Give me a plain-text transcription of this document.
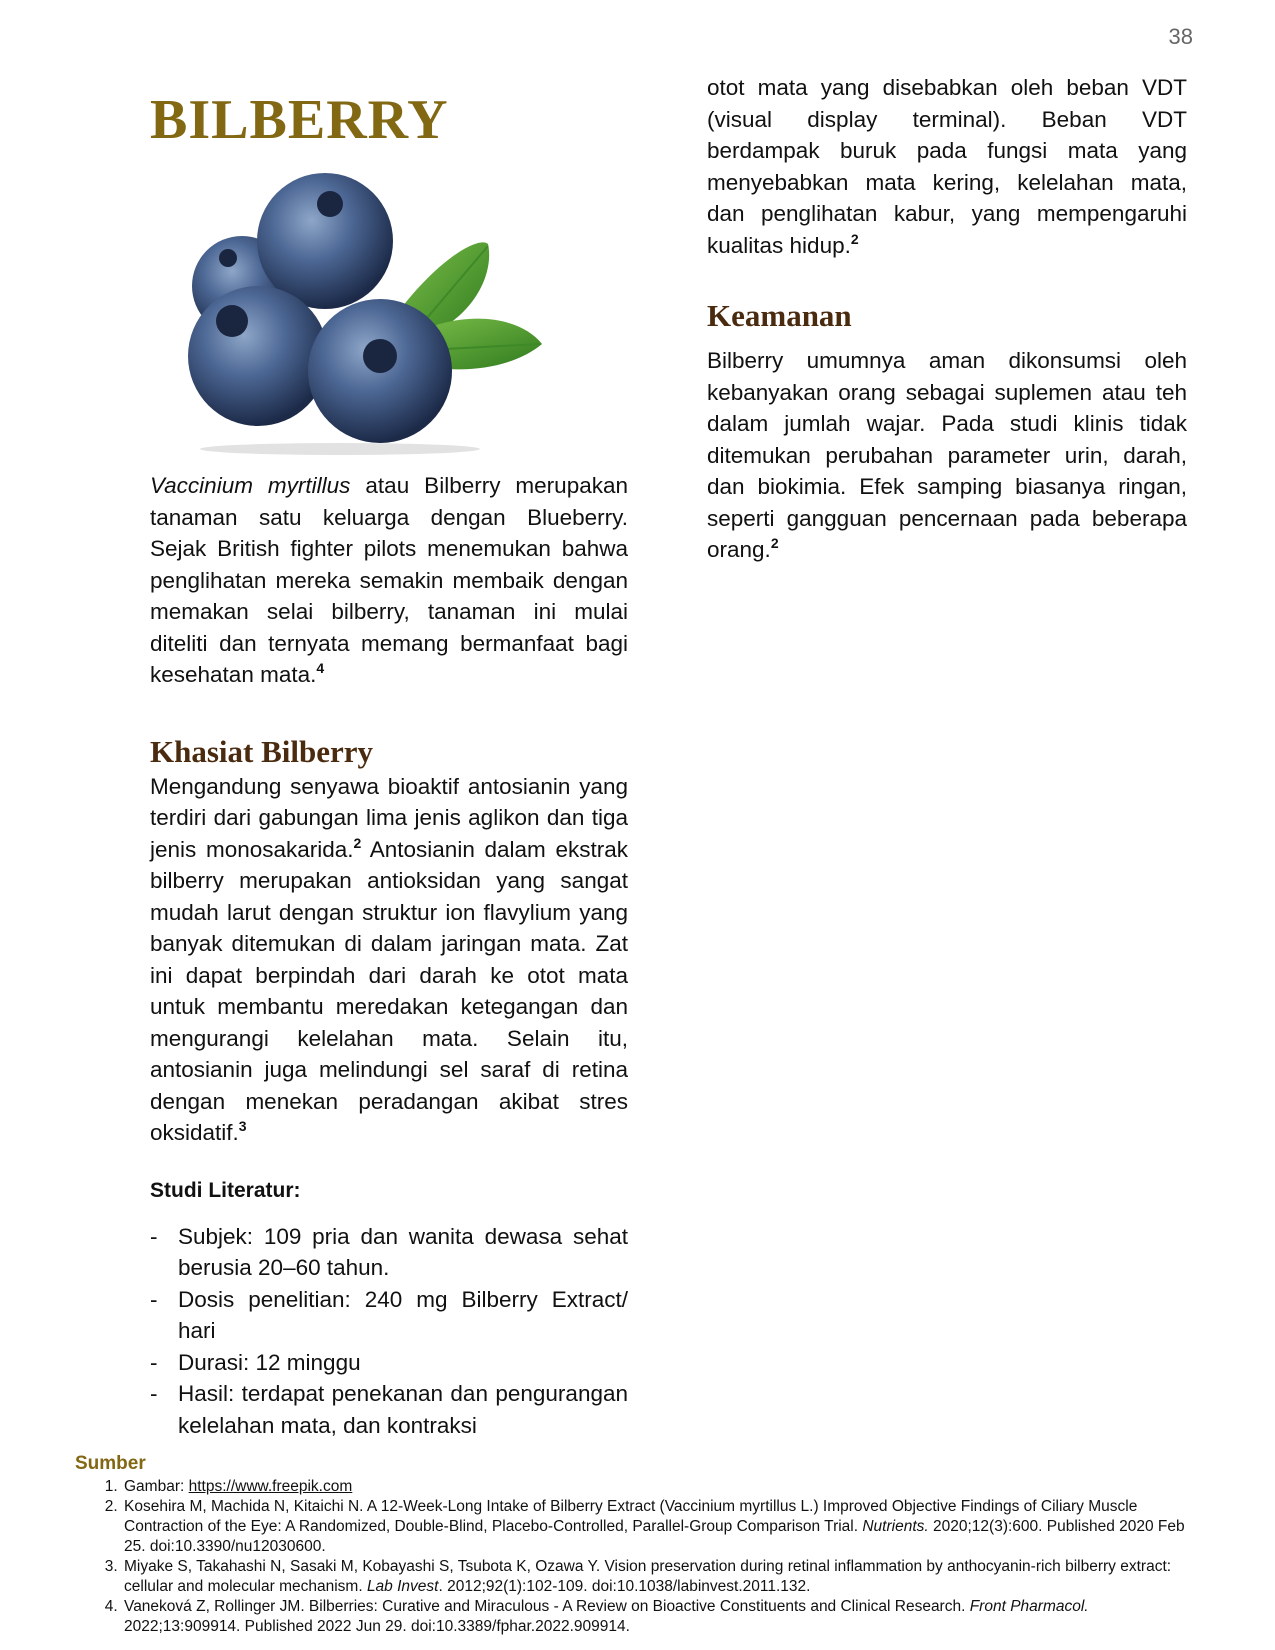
38
BILBERRY

Vaccinium myrtillus atau Bilberry merupakan tanaman satu keluarga dengan Blueberry. Sejak British fighter pilots menemukan bahwa penglihatan mereka semakin membaik dengan memakan selai bilberry, tanaman ini mulai diteliti dan ternyata memang bermanfaat bagi kesehatan mata.$^4$

Khasiat Bilberry

Mengandung senyawa bioaktif antosianin yang terdiri dari gabungan lima jenis aglikon dan tiga jenis monosakarida.$^2$ Antosianin dalam ekstrak bilberry merupakan antioksidan yang sangat mudah larut dengan struktur ion flavylium yang banyak ditemukan di dalam jaringan mata. Zat ini dapat berpindah dari darah ke otot mata untuk membantu meredakan ketegangan dan mengurangi kelelahan mata. Selain itu, antosianin juga melindungi sel saraf di retina dengan menekan peradangan akibat stres oksidatif.$^3$

Studi Literatur:
- Subjek: 109 pria dan wanita dewasa sehat berusia 20–60 tahun.
- Dosis penelitian: 240 mg Bilberry Extract/ hari
- Durasi: 12 minggu
- Hasil: terdapat penekanan dan pengurangan kelelahan mata, dan kontraksi

otot mata yang disebabkan oleh beban VDT (visual display terminal). Beban VDT berdampak buruk pada fungsi mata yang menyebabkan mata kering, kelelahan mata, dan penglihatan kabur, yang mempengaruhi kualitas hidup.$^2$

Keamanan

Bilberry umumnya aman dikonsumsi oleh kebanyakan orang sebagai suplemen atau teh dalam jumlah wajar. Pada studi klinis tidak ditemukan perubahan parameter urin, darah, dan biokimia. Efek samping biasanya ringan, seperti gangguan pencernaan pada beberapa orang.$^2$

Sumber
1. Gambar: https://www.freepik.com
2. Kosehira M, Machida N, Kitaichi N. A 12-Week-Long Intake of Bilberry Extract (Vaccinium myrtillus L.) Improved Objective Findings of Ciliary Muscle Contraction of the Eye: A Randomized, Double-Blind, Placebo-Controlled, Parallel-Group Comparison Trial. Nutrients. 2020;12(3):600. Published 2020 Feb 25. doi:10.3390/nu12030600.
3. Miyake S, Takahashi N, Sasaki M, Kobayashi S, Tsubota K, Ozawa Y. Vision preservation during retinal inflammation by anthocyanin-rich bilberry extract: cellular and molecular mechanism. Lab Invest. 2012;92(1):102-109. doi:10.1038/labinvest.2011.132.
4. Vaneková Z, Rollinger JM. Bilberries: Curative and Miraculous - A Review on Bioactive Constituents and Clinical Research. Front Pharmacol. 2022;13:909914. Published 2022 Jun 29. doi:10.3389/fphar.2022.909914.
